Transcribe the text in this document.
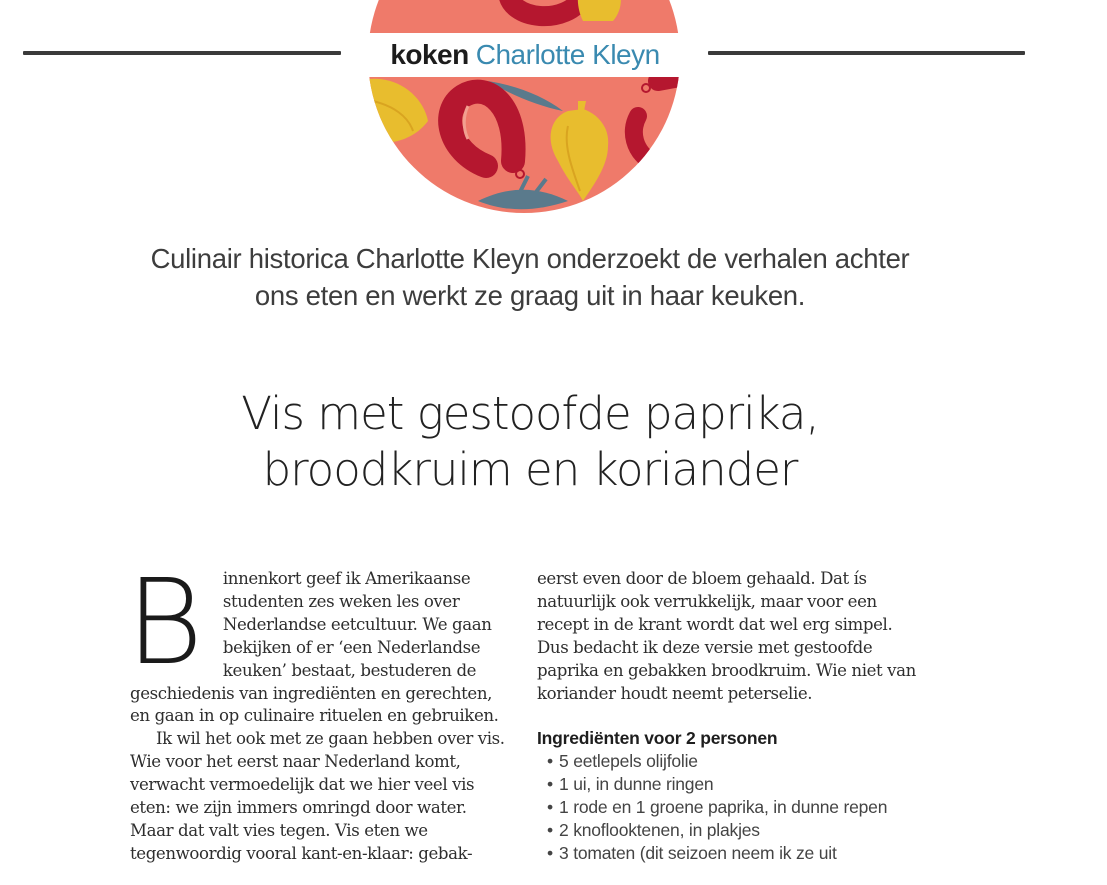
koken Charlotte Kleyn
Culinair historica Charlotte Kleyn onderzoekt de verhalen achter ons eten en werkt ze graag uit in haar keuken.
Vis met gestoofde paprika,
broodkruim en koriander

B innenkort geef ik Amerikaanse studenten zes weken les over Nederlandse eetcultuur. We gaan bekijken of er ‘een Nederlandse keuken’ bestaat, bestuderen de geschiedenis van ingrediënten en gerechten, en gaan in op culinaire rituelen en gebruiken.

Ik wil het ook met ze gaan hebben over vis. Wie voor het eerst naar Nederland komt, verwacht vermoedelijk dat we hier veel vis eten: we zijn immers omringd door water. Maar dat valt vies tegen. Vis eten we tegenwoordig vooral kant-en-klaar: gebak-

eerst even door de bloem gehaald. Dat ís natuurlijk ook verrukkelijk, maar voor een recept in de krant wordt dat wel erg simpel. Dus bedacht ik deze versie met gestoofde paprika en gebakken broodkruim. Wie niet van koriander houdt neemt peterselie.

Ingrediënten voor 2 personen
• 5 eetlepels olijfolie
• 1 ui, in dunne ringen
• 1 rode en 1 groene paprika, in dunne repen
• 2 knoflooktenen, in plakjes
• 3 tomaten (dit seizoen neem ik ze uit
